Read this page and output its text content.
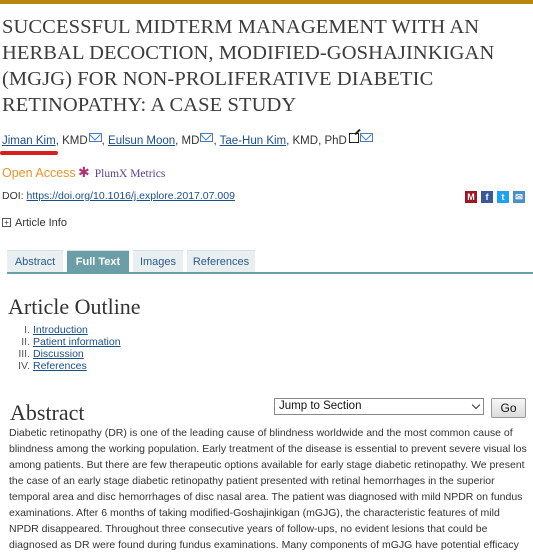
SUCCESSFUL MIDTERM MANAGEMENT WITH AN
HERBAL DECOCTION, MODIFIED-GOSHAJINKIGAN
(MGJG) FOR NON-PROLIFERATIVE DIABETIC
RETINOPATHY: A CASE STUDY
Jiman Kim, KMD , Eulsun Moon, MD , Tae-Hun Kim, KMD, PhD
Open Access ✱ PlumX Metrics
DOI: https://doi.org/10.1016/j.explore.2017.07.009	M	f	t	✉
+ Article Info
Abstract	Full Text	Images	References
Article Outline
I. Introduction
II. Patient information
III. Discussion
IV. References
Abstract	Jump to Section	Go
Diabetic retinopathy (DR) is one of the leading cause of blindness worldwide and the most common cause of
blindness among the working population. Early treatment of the disease is essential to prevent severe visual los
among patients. But there are few therapeutic options available for early stage diabetic retinopathy. We present
the case of an early stage diabetic retinopathy patient presented with retinal hemorrhages in the superior
temporal area and disc hemorrhages of disc nasal area. The patient was diagnosed with mild NPDR on fundus
examinations. After 6 months of taking modified-Goshajinkigan (mGJG), the characteristic features of mild
NPDR disappeared. Throughout three consecutive years of follow-ups, no evident lesions that could be
diagnosed as DR were found during fundus examinations. Many components of mGJG have potential efficacy
